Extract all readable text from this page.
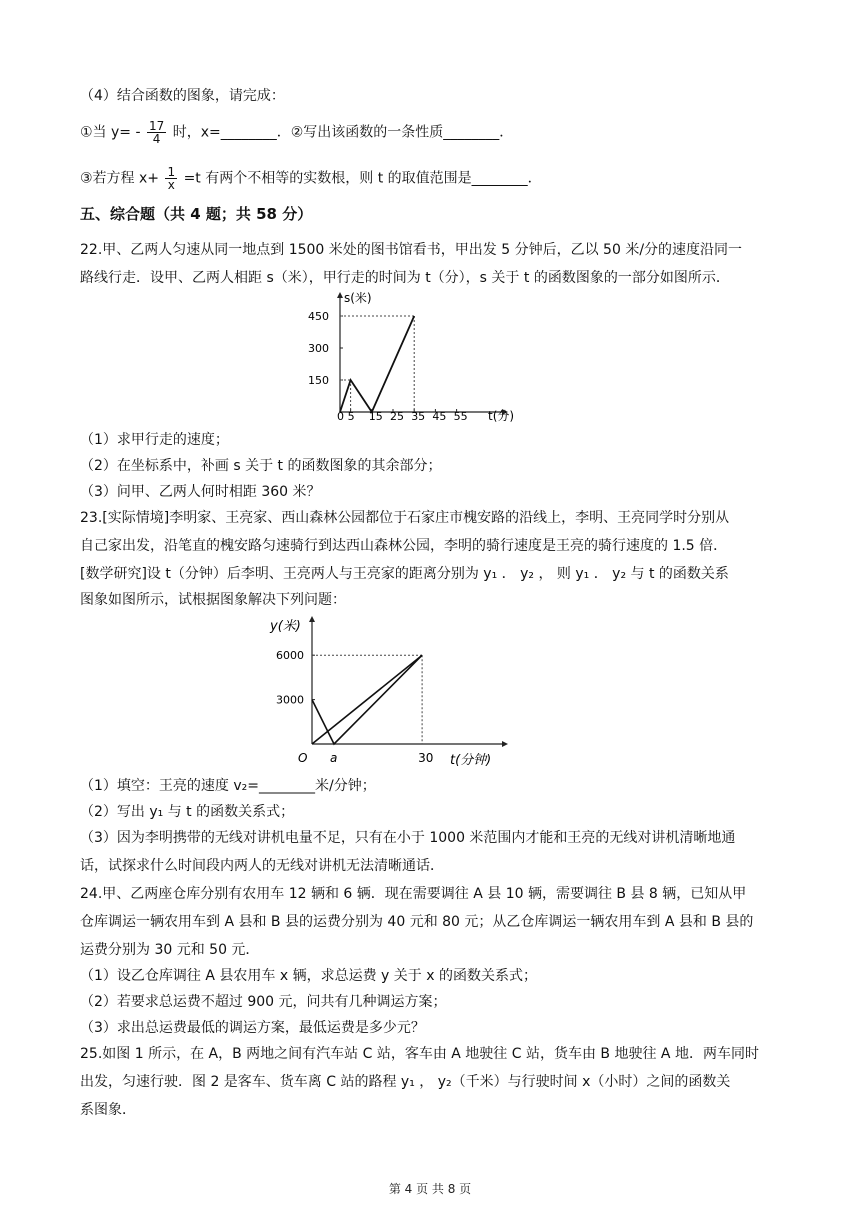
（4）结合函数的图象，请完成：
①当 $y= - \frac{17}{4}$ 时，x=________．②写出该函数的一条性质________．
③若方程 $x+ \frac{1}{x} =t$ 有两个不相等的实数根，则 t 的取值范围是________．
五、综合题（共 4 题；共 58 分）
22.甲、乙两人匀速从同一地点到 1500 米处的图书馆看书，甲出发 5 分钟后，乙以 50 米/分的速度沿同一
路线行走．设甲、乙两人相距 s（米），甲行走的时间为 t（分），s 关于 t 的函数图象的一部分如图所示．
s(米)
t(分)
0 5 15 25 35 45 55
150
300
450
（1）求甲行走的速度；
（2）在坐标系中，补画 s 关于 t 的函数图象的其余部分；
（3）问甲、乙两人何时相距 360 米？
23.[实际情境]李明家、王亮家、西山森林公园都位于石家庄市槐安路的沿线上，李明、王亮同学时分别从
自己家出发，沿笔直的槐安路匀速骑行到达西山森林公园，李明的骑行速度是王亮的骑行速度的 1.5 倍．
[数学研究]设 t（分钟）后李明、王亮两人与王亮家的距离分别为 y₁ ． y₂ ， 则 y₁ ． y₂ 与 t 的函数关系
图象如图所示，试根据图象解决下列问题：
y(米)
t(分钟)
3000
6000
O a	30
（1）填空：王亮的速度 v₂=________米/分钟；
（2）写出 y₁ 与 t 的函数关系式；
（3）因为李明携带的无线对讲机电量不足，只有在小于 1000 米范围内才能和王亮的无线对讲机清晰地通
话，试探求什么时间段内两人的无线对讲机无法清晰通话．
24.甲、乙两座仓库分别有农用车 12 辆和 6 辆．现在需要调往 A 县 10 辆，需要调往 B 县 8 辆，已知从甲
仓库调运一辆农用车到 A 县和 B 县的运费分别为 40 元和 80 元；从乙仓库调运一辆农用车到 A 县和 B 县的
运费分别为 30 元和 50 元．
（1）设乙仓库调往 A 县农用车 x 辆，求总运费 y 关于 x 的函数关系式；
（2）若要求总运费不超过 900 元，问共有几种调运方案；
（3）求出总运费最低的调运方案，最低运费是多少元？
25.如图 1 所示，在 A，B 两地之间有汽车站 C 站，客车由 A 地驶往 C 站，货车由 B 地驶往 A 地．两车同时
出发，匀速行驶．图 2 是客车、货车离 C 站的路程 y₁ ， y₂（千米）与行驶时间 x（小时）之间的函数关
系图象．
第 4 页 共 8 页
